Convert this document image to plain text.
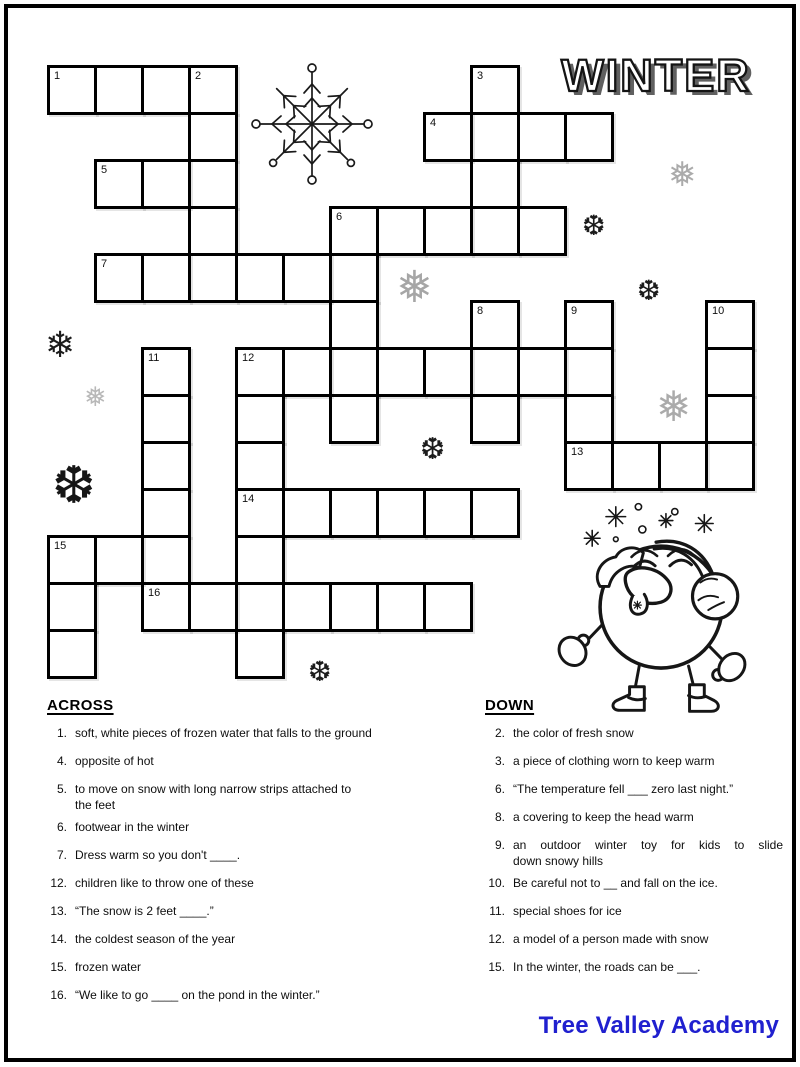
1	2	3
4
5
6
7
8	9
13
10
11
16
12
14
15
WINTER
❅
❆
❅	❆
❄
❅	❅
❆
❆
❆
ACROSS
1. soft, white pieces of frozen water that falls to the ground
4. opposite of hot
5. to move on snow with long narrow strips attached to
the feet
6. footwear in the winter
7. Dress warm so you don't ____.
12. children like to throw one of these
13. “The snow is 2 feet ____.”
14. the coldest season of the year
15. frozen water
16. “We like to go ____ on the pond in the winter.”
DOWN
2. the color of fresh snow
3. a piece of clothing worn to keep warm
6. “The temperature fell ___ zero last night.”
8. a covering to keep the head warm
9. an outdoor winter toy for kids to slide
down snowy hills
10. Be careful not to __ and fall on the ice.
11. special shoes for ice
12. a model of a person made with snow
15. In the winter, the roads can be ___.
Tree Valley Academy
